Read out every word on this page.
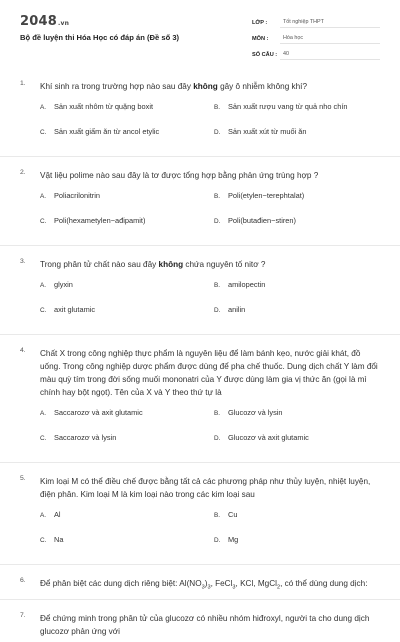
2048.vn
Bộ đề luyện thi Hóa Học có đáp án (Đề số 3)
LỚP :	Tốt nghiệp THPT
MÔN :	Hóa học
SỐ CÂU :	40
1. Khí sinh ra trong trường hợp nào sau đây không gây ô nhiễm không khí?
A.	Sản xuất nhôm từ quặng boxit	B.	Sản xuất rượu vang từ quả nho chín
C.	Sản xuất giấm ăn từ ancol etylic	D.	Sản xuất xút từ muối ăn
2. Vật liệu polime nào sau đây là tơ được tổng hợp bằng phản ứng trùng hợp ?
A.	Poliacrilonitrin	B.	Poli(etylen−terephtalat)
C.	Poli(hexametylen−ađipamit)	D.	Poli(butađien−stiren)
3. Trong phân tử chất nào sau đây không chứa nguyên tố nitơ ?
A.	glyxin	B.	amilopectin
C.	axit glutamic	D.	anilin
4. Chất X trong công nghiệp thực phẩm là nguyên liệu để làm bánh kẹo, nước giải khát, đồ uống. Trong công nghiệp dược phẩm được dùng để pha chế thuốc. Dung dịch chất Y làm đổi màu quỳ tím trong đời sống muối mononatri của Y được dùng làm gia vị thức ăn (gọi là mì chính hay bột ngọt). Tên của X và Y theo thứ tự là
A.	Saccarozơ và axit glutamic	B.	Glucozơ và lysin
C.	Saccarozơ và lysin	D.	Glucozơ và axit glutamic
5. Kim loại M có thể điều chế được bằng tất cả các phương pháp như thủy luyện, nhiệt luyện, điện phân. Kim loại M là kim loại nào trong các kim loại sau
A.	Al	B.	Cu
C.	Na	D.	Mg
6. Để phân biệt các dung dịch riêng biệt: $Al(NO_3)_3$, FeCl$_3$, KCl, MgCl$_2$, có thể dùng dung dịch:
7. Để chứng minh trong phân tử của glucozơ có nhiều nhóm hiđroxyl, người ta cho dung dịch glucozơ phản ứng với
